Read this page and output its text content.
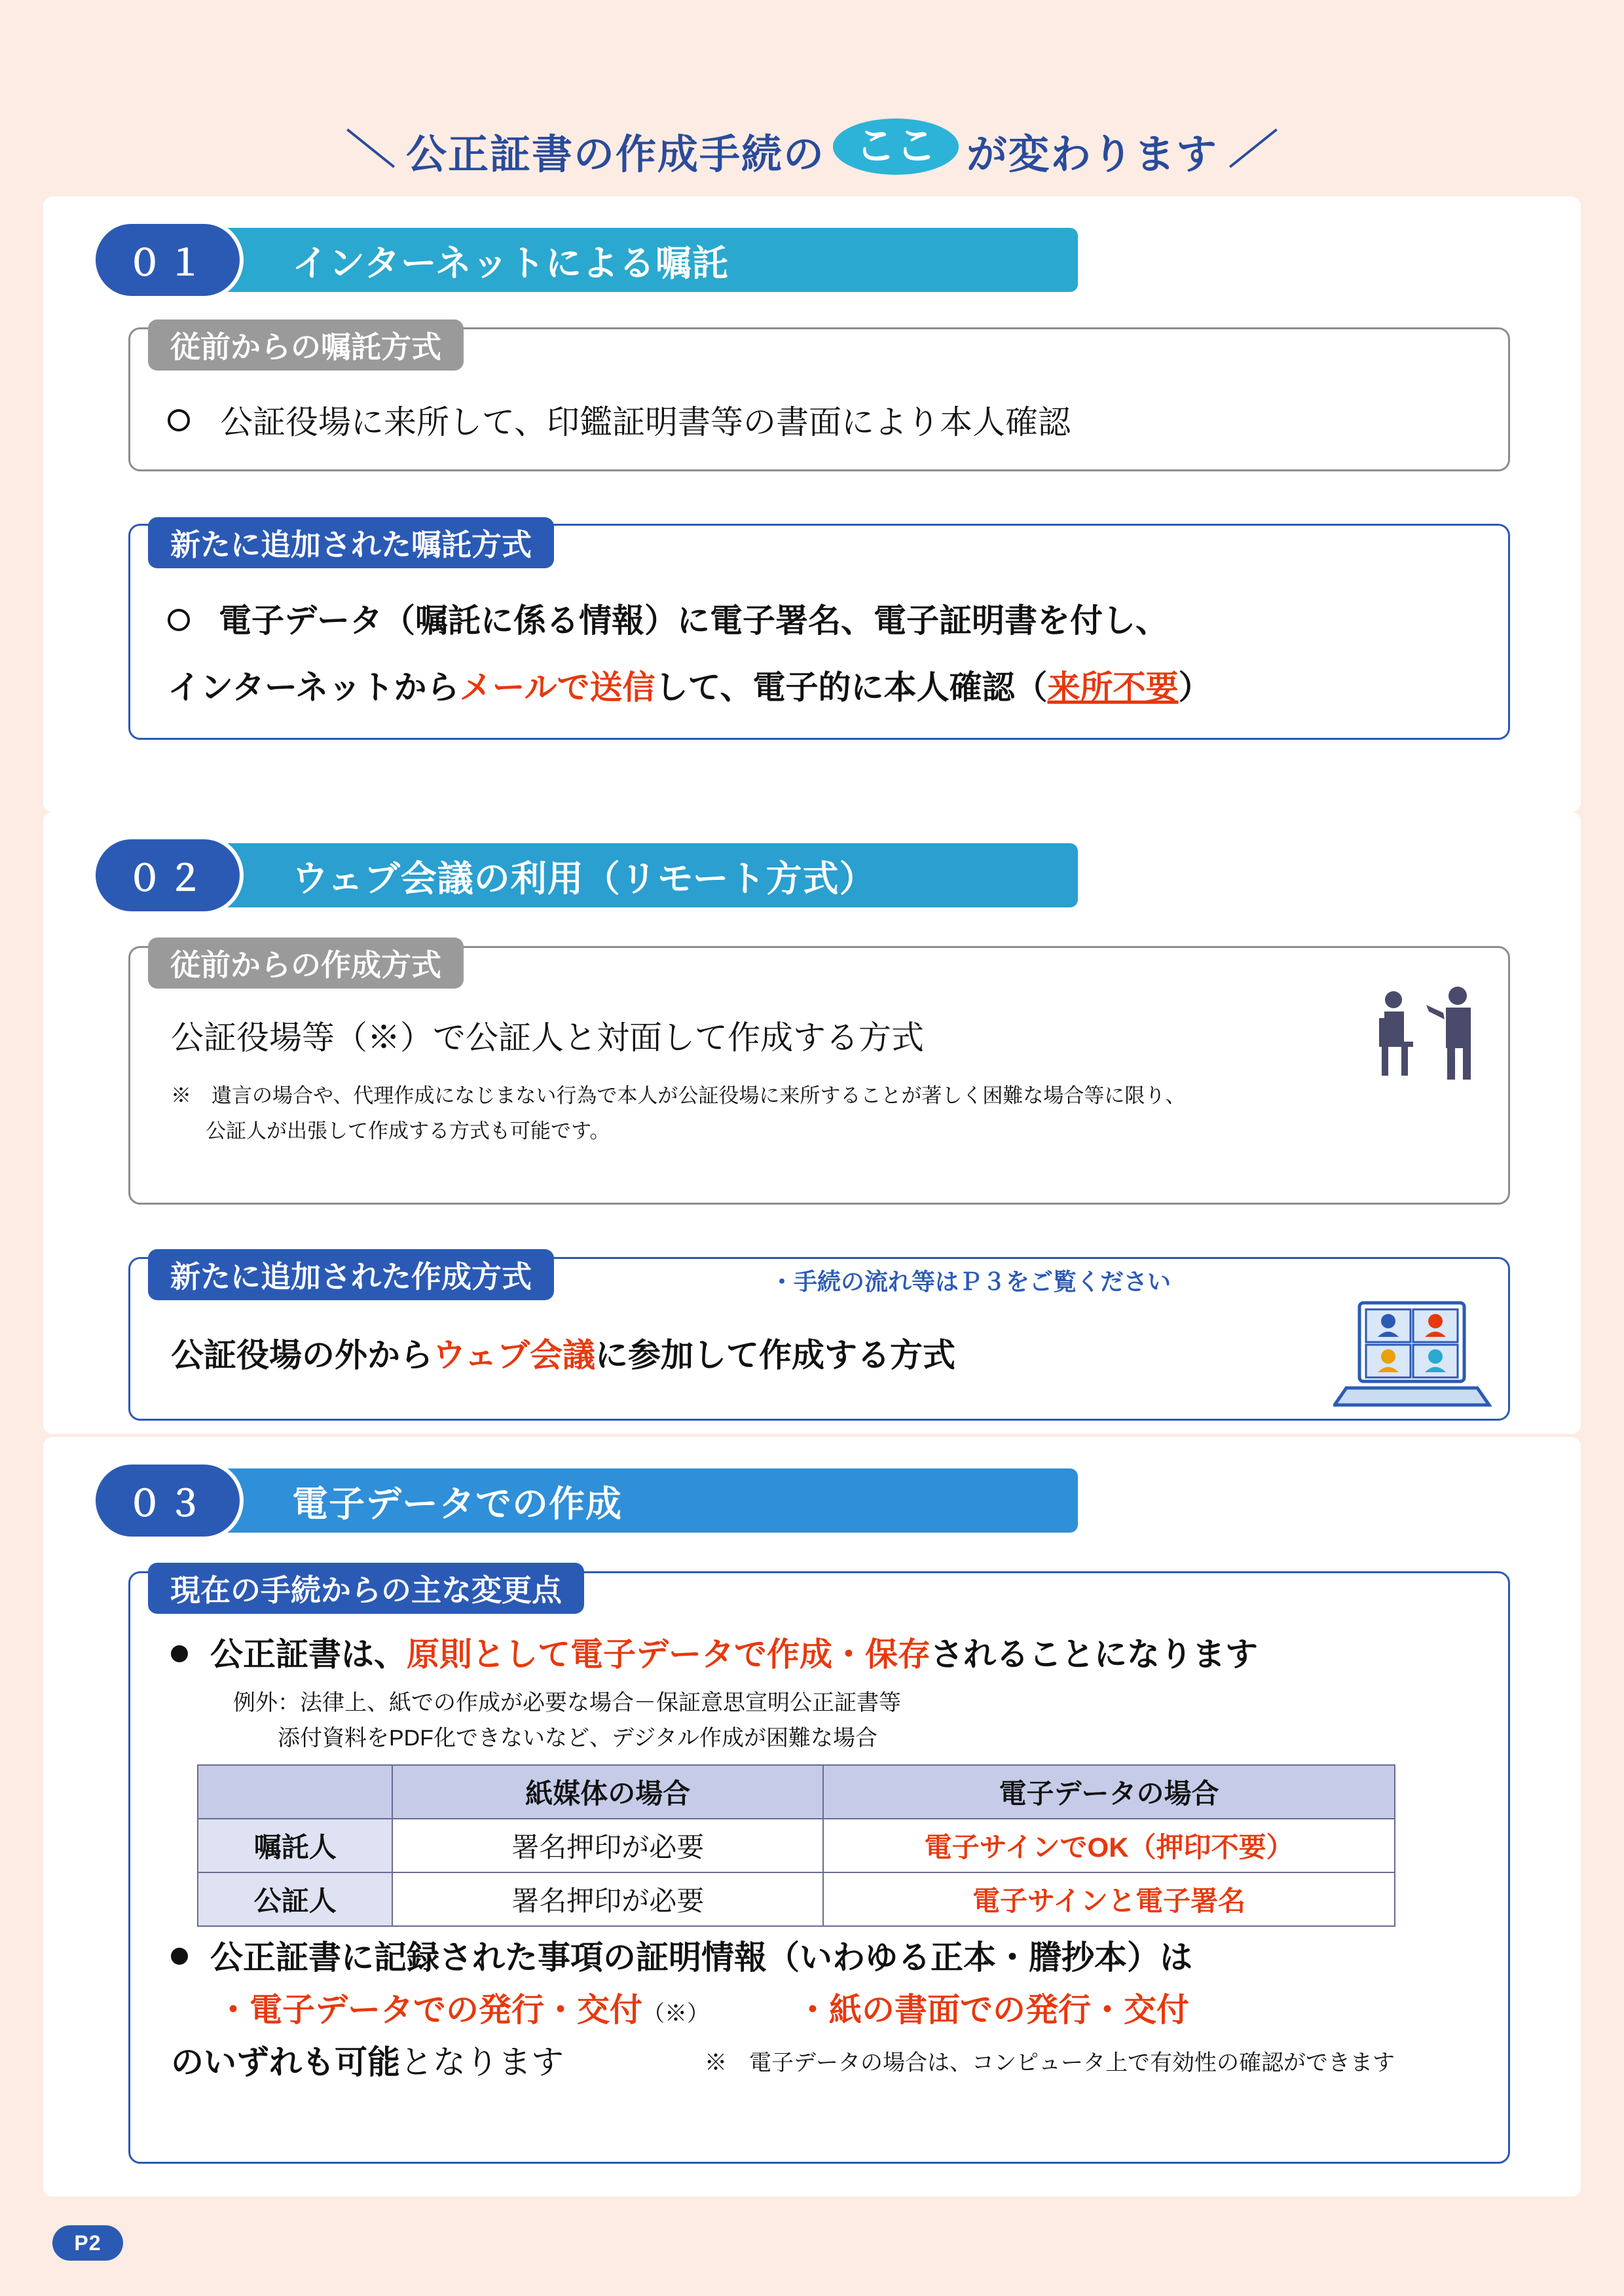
＼ 公正証書の作成手続の ここ が変わります ／
インターネットによる嘱託
０１
従前からの嘱託方式
公証役場に来所して、印鑑証明書等の書面により本人確認
新たに追加された嘱託方式
電子データ（嘱託に係る情報）に電子署名、電子証明書を付し、
インターネットからメールで送信して、電子的に本人確認（来所不要）
ウェブ会議の利用（リモート方式）
０２
従前からの作成方式
公証役場等（※）で公証人と対面して作成する方式
※　遺言の場合や、代理作成になじまない行為で本人が公証役場に来所することが著しく困難な場合等に限り、
公証人が出張して作成する方式も可能です。
新たに追加された作成方式	・手続の流れ等はＰ３をご覧ください
公証役場の外からウェブ会議に参加して作成する方式
電子データでの作成
０３
現在の手続からの主な変更点
公正証書は、原則として電子データで作成・保存されることになります
例外：法律上、紙での作成が必要な場合－保証意思宣明公正証書等
添付資料をPDF化できないなど、デジタル作成が困難な場合
	紙媒体の場合	電子データの場合
嘱託人	署名押印が必要	電子サインでOK（押印不要）
公証人	署名押印が必要	電子サインと電子署名
公正証書に記録された事項の証明情報（いわゆる正本・謄抄本）は
・電子データでの発行・交付（※）　　　	・紙の書面での発行・交付
のいずれも可能となります	※　電子データの場合は、コンピュータ上で有効性の確認ができます
P2
